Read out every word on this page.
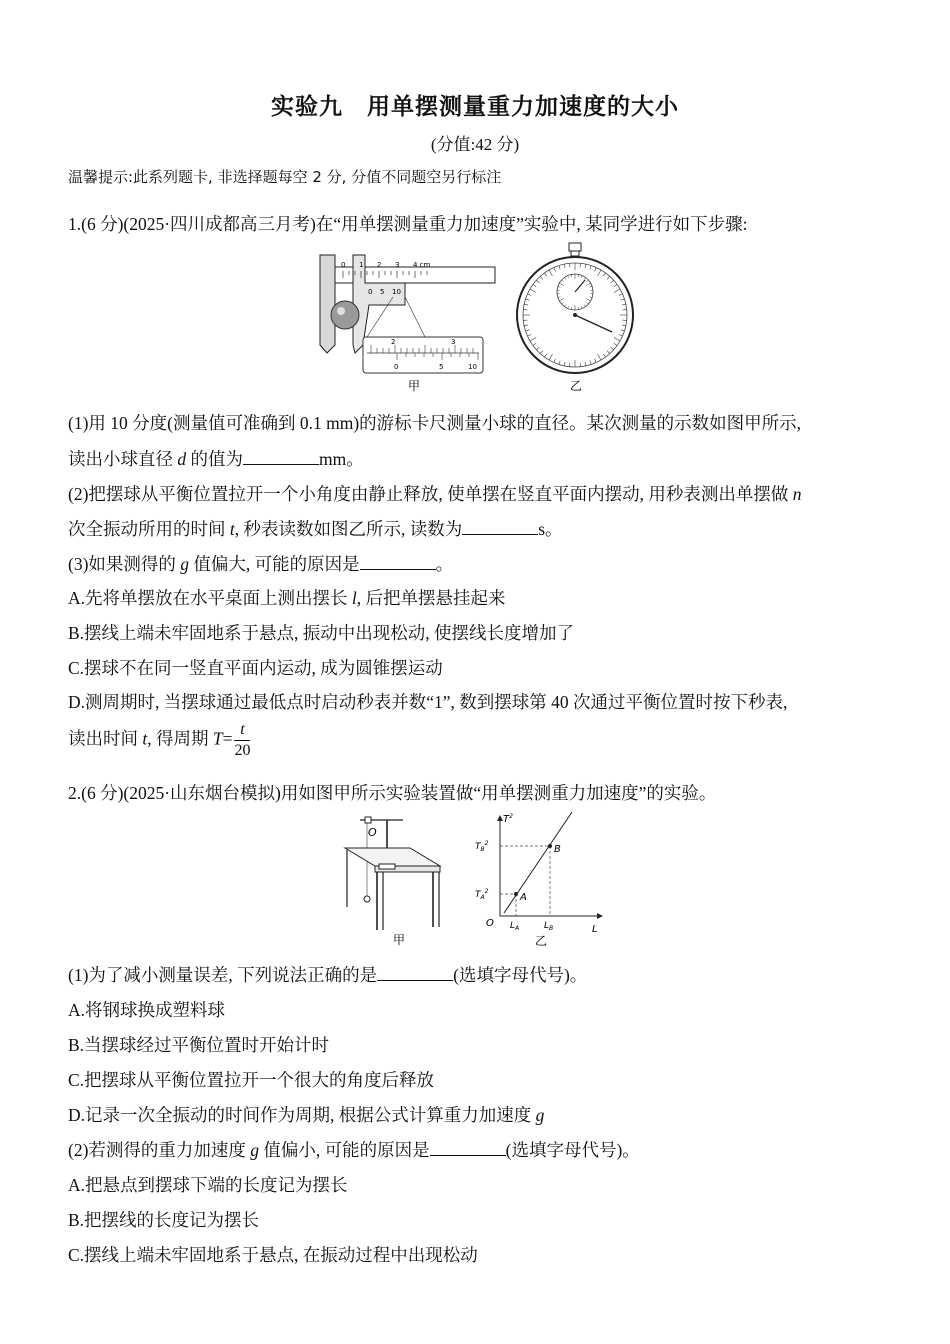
实验九　用单摆测量重力加速度的大小
(分值:42 分)
温馨提示:此系列题卡, 非选择题每空 2 分, 分值不同题空另行标注
1.(6 分)(2025·四川成都高三月考)在“用单摆测量重力加速度”实验中, 某同学进行如下步骤:
0 1 2 3 4 cm
0 5 10
2	3
0	5	10
甲	乙
(1)用 10 分度(测量值可准确到 0.1 mm)的游标卡尺测量小球的直径。某次测量的示数如图甲所示,
读出小球直径 d 的值为	mm。
(2)把摆球从平衡位置拉开一个小角度由静止释放, 使单摆在竖直平面内摆动, 用秒表测出单摆做 n
次全振动所用的时间 t, 秒表读数如图乙所示, 读数为	s。
(3)如果测得的 g 值偏大, 可能的原因是	。
A.先将单摆放在水平桌面上测出摆长 l, 后把单摆悬挂起来
B.摆线上端未牢固地系于悬点, 振动中出现松动, 使摆线长度增加了
C.摆球不在同一竖直平面内运动, 成为圆锥摆运动
D.测周期时, 当摆球通过最低点时启动秒表并数“1”, 数到摆球第 40 次通过平衡位置时按下秒表,
读出时间 t, 得周期 $T= \frac{t}{20}$
2.(6 分)(2025·山东烟台模拟)用如图甲所示实验装置做“用单摆测重力加速度”的实验。
O
甲
$T^2$
L
O
A
B
$T_A^2$
$T_B^2$
$L_A$	$L_B$
乙
(1)为了减小测量误差, 下列说法正确的是	(选填字母代号)。
A.将钢球换成塑料球
B.当摆球经过平衡位置时开始计时
C.把摆球从平衡位置拉开一个很大的角度后释放
D.记录一次全振动的时间作为周期, 根据公式计算重力加速度 g
(2)若测得的重力加速度 g 值偏小, 可能的原因是	(选填字母代号)。
A.把悬点到摆球下端的长度记为摆长
B.把摆线的长度记为摆长
C.摆线上端未牢固地系于悬点, 在振动过程中出现松动
